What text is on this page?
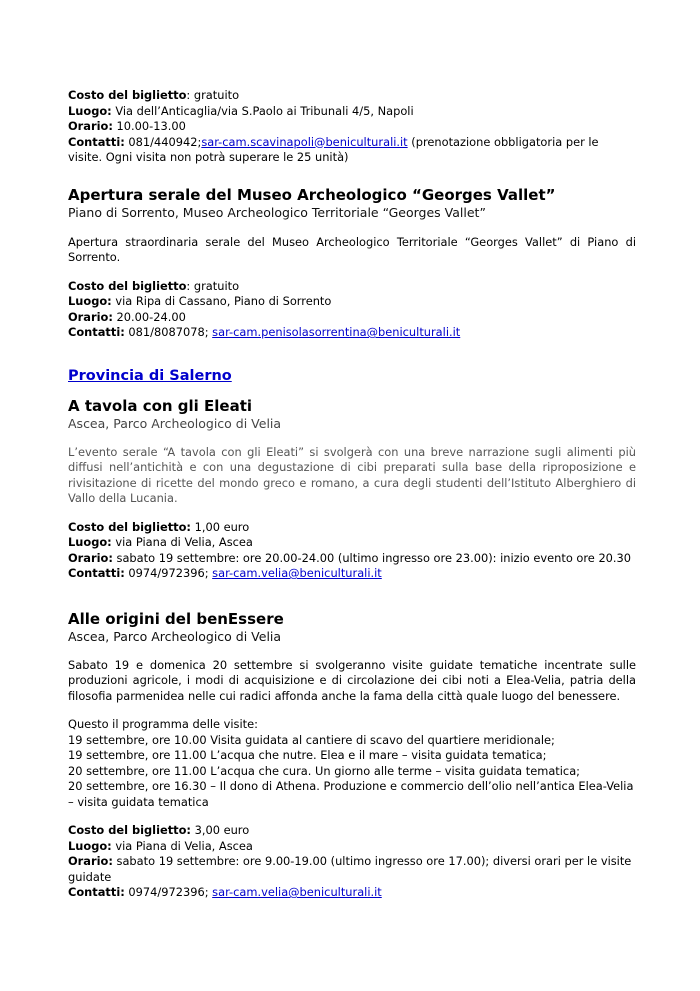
Costo del biglietto: gratuito
Luogo: Via dell’Anticaglia/via S.Paolo ai Tribunali 4/5, Napoli
Orario: 10.00-13.00
Contatti: 081/440942;sar-cam.scavinapoli@beniculturali.it (prenotazione obbligatoria per le visite. Ogni visita non potrà superare le 25 unità)

Apertura serale del Museo Archeologico “Georges Vallet”

Piano di Sorrento, Museo Archeologico Territoriale “Georges Vallet”

Apertura straordinaria serale del Museo Archeologico Territoriale “Georges Vallet” di Piano di Sorrento.

Costo del biglietto: gratuito
Luogo: via Ripa di Cassano, Piano di Sorrento
Orario: 20.00-24.00
Contatti: 081/8087078; sar-cam.penisolasorrentina@beniculturali.it

Provincia di Salerno

A tavola con gli Eleati

Ascea, Parco Archeologico di Velia

L’evento serale “A tavola con gli Eleati” si svolgerà con una breve narrazione sugli alimenti più diffusi nell’antichità e con una degustazione di cibi preparati sulla base della riproposizione e rivisitazione di ricette del mondo greco e romano, a cura degli studenti dell’Istituto Alberghiero di Vallo della Lucania.

Costo del biglietto: 1,00 euro
Luogo: via Piana di Velia, Ascea
Orario: sabato 19 settembre: ore 20.00-24.00 (ultimo ingresso ore 23.00): inizio evento ore 20.30
Contatti: 0974/972396; sar-cam.velia@beniculturali.it

Alle origini del benEssere

Ascea, Parco Archeologico di Velia

Sabato 19 e domenica 20 settembre si svolgeranno visite guidate tematiche incentrate sulle produzioni agricole, i modi di acquisizione e di circolazione dei cibi noti a Elea-Velia, patria della filosofia parmenidea nelle cui radici affonda anche la fama della città quale luogo del benessere.

Questo il programma delle visite:

19 settembre, ore 10.00 Visita guidata al cantiere di scavo del quartiere meridionale;

19 settembre, ore 11.00 L’acqua che nutre. Elea e il mare – visita guidata tematica;

20 settembre, ore 11.00 L’acqua che cura. Un giorno alle terme – visita guidata tematica;

20 settembre, ore 16.30 – Il dono di Athena. Produzione e commercio dell’olio nell’antica Elea-Velia – visita guidata tematica

Costo del biglietto: 3,00 euro
Luogo: via Piana di Velia, Ascea
Orario: sabato 19 settembre: ore 9.00-19.00 (ultimo ingresso ore 17.00); diversi orari per le visite guidate
Contatti: 0974/972396; sar-cam.velia@beniculturali.it
